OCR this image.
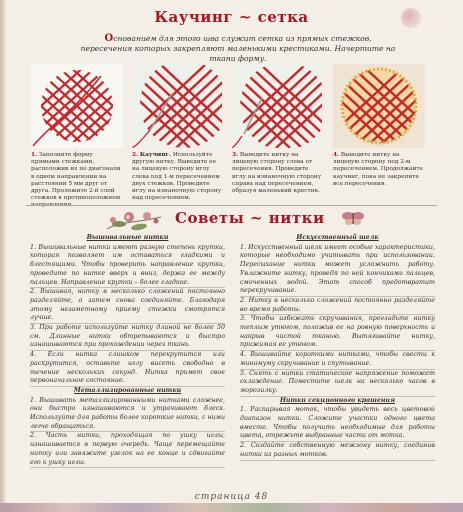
Каучинг ~ сетка
Основанием для этого шва служит сетка из прямых стежков, пересечения которых закрепляют маленькими крестиками. Начертите на ткани форму.
1. Заполните форму прямыми стежками, расположив их по диагонали в одном направлении на расстоянии 5 мм друг от друга. Проложите 2-й слой стежков в противоположном направлении.
2. Каучинг. Используйте другую нитку. Выведите ее на лицевую сторону иглу слева под 1-м пересечением двух стежков. Проведите иглу на изнаночную сторону над пересечением.
3. Выведите нитку на лицевую сторону слева от пересечения. Проведите иглу на изнаночную сторону справа над пересечением, образуя маленький крестик.
4. Выведите нитку на лицевую сторону под 2-м пересечением. Продолжайте каучинг, пока не закрепите все пересечения.
Советы ~ нитки
Вышивальные нитки

1. Вышивальные нитки имеют разную степень крутки, которая позволяет им оставаться гладкими и блестящими. Чтобы проверить направление крутки, проведите по нитке вверх и вниз, держа ее между пальцев. Направление крутки – более гладкое.

2. Вышивая, нитку в несколько сложений постоянно разделяйте, а затем снова соединяйте. Благодаря этому незаметному приему стежки смотрятся лучше.

3. При работе используйте нитку длиной не более 50 см. Длинные нитки обтрепываются и быстро изнашиваются при прохождении через ткань.

4. Если нитка слишком перекрутится или раскрутится, оставьте иглу висеть свободно в течение нескольких секунд. Нитка примет свое первоначальное состояние.

Металлизированные нитки

1. Вышивать металлизированными нитками сложнее, они быстро изнашиваются и утрачивают блеск. Используйте для работы более короткие нитки, с ними легче обращаться.

2. Часть нитки, проходящая по ушку иглы, изнашивается в первую очередь. Чаще перемещайте нитку или завяжите узелок на ее конце и сдвигайте его к ушку иглы.

Искусственный шелк

1. Искусственный шелк имеет особые характеристики, которые необходимо учитывать при использовании. Пересыхание нитки может усложнить работу. Увлажните нитку, проведя по ней кончиками пальцев, смоченных водой. Этот способ предотвратит перекручивание.

2. Нитку в несколько сложений постоянно разделяйте во время работы.

3. Чтобы избежать скручивания, прогладьте нитку теплым утюгом, положив ее на ровную поверхность и накрыв чистой тканью. Вытягивайте нитку, прижимая ее утюгом.

4. Вышивайте короткими нитками, чтобы свести к минимуму скручивание и спутывание.

5. Снять с нитки статическое напряжение поможет охлаждение. Поместите шелк на несколько часов в морозилку.

Нитки секционного крашения

1. Распарывая моток, чтобы увидеть весь цветовой диапазон нитки. Сложите участки одного цвета вместе. Чтобы получить необходимые для работы цвета, отрежьте выбранные части от мотка.

2. Создайте собственную межзону нитку, соединив нитки из разных мотков.

страница 48
